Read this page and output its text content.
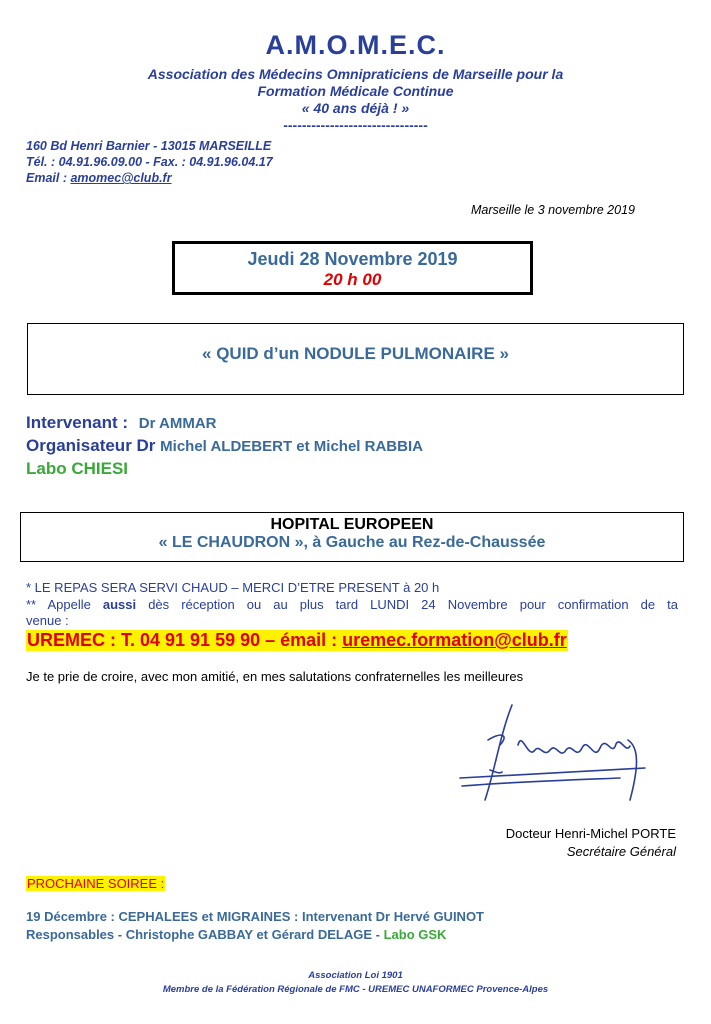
A.M.O.M.E.C.
Association des Médecins Omnipraticiens de Marseille pour la
Formation Médicale Continue
« 40 ans déjà ! »
-------------------------------
160 Bd Henri Barnier - 13015 MARSEILLE
Tél. : 04.91.96.09.00 - Fax. : 04.91.96.04.17
Email : amomec@club.fr
Marseille le 3 novembre 2019
Jeudi 28 Novembre 2019
20 h 00
« QUID d’un NODULE PULMONAIRE »
Intervenant : Dr AMMAR
Organisateur Dr Michel ALDEBERT et Michel RABBIA
Labo CHIESI
HOPITAL EUROPEEN
« LE CHAUDRON », à Gauche au Rez-de-Chaussée
* LE REPAS SERA SERVI CHAUD – MERCI D’ETRE PRESENT à 20 h
** Appelle aussi dès réception ou au plus tard LUNDI 24 Novembre pour confirmation de ta
venue :
UREMEC : T. 04 91 91 59 90 – émail : uremec.formation@club.fr
Je te prie de croire, avec mon amitié, en mes salutations confraternelles les meilleures
Docteur Henri-Michel PORTE
Secrétaire Général
PROCHAINE SOIREE :
19 Décembre : CEPHALEES et MIGRAINES : Intervenant Dr Hervé GUINOT
Responsables - Christophe GABBAY et Gérard DELAGE - Labo GSK
Association Loi 1901
Membre de la Fédération Régionale de FMC - UREMEC UNAFORMEC Provence-Alpes
